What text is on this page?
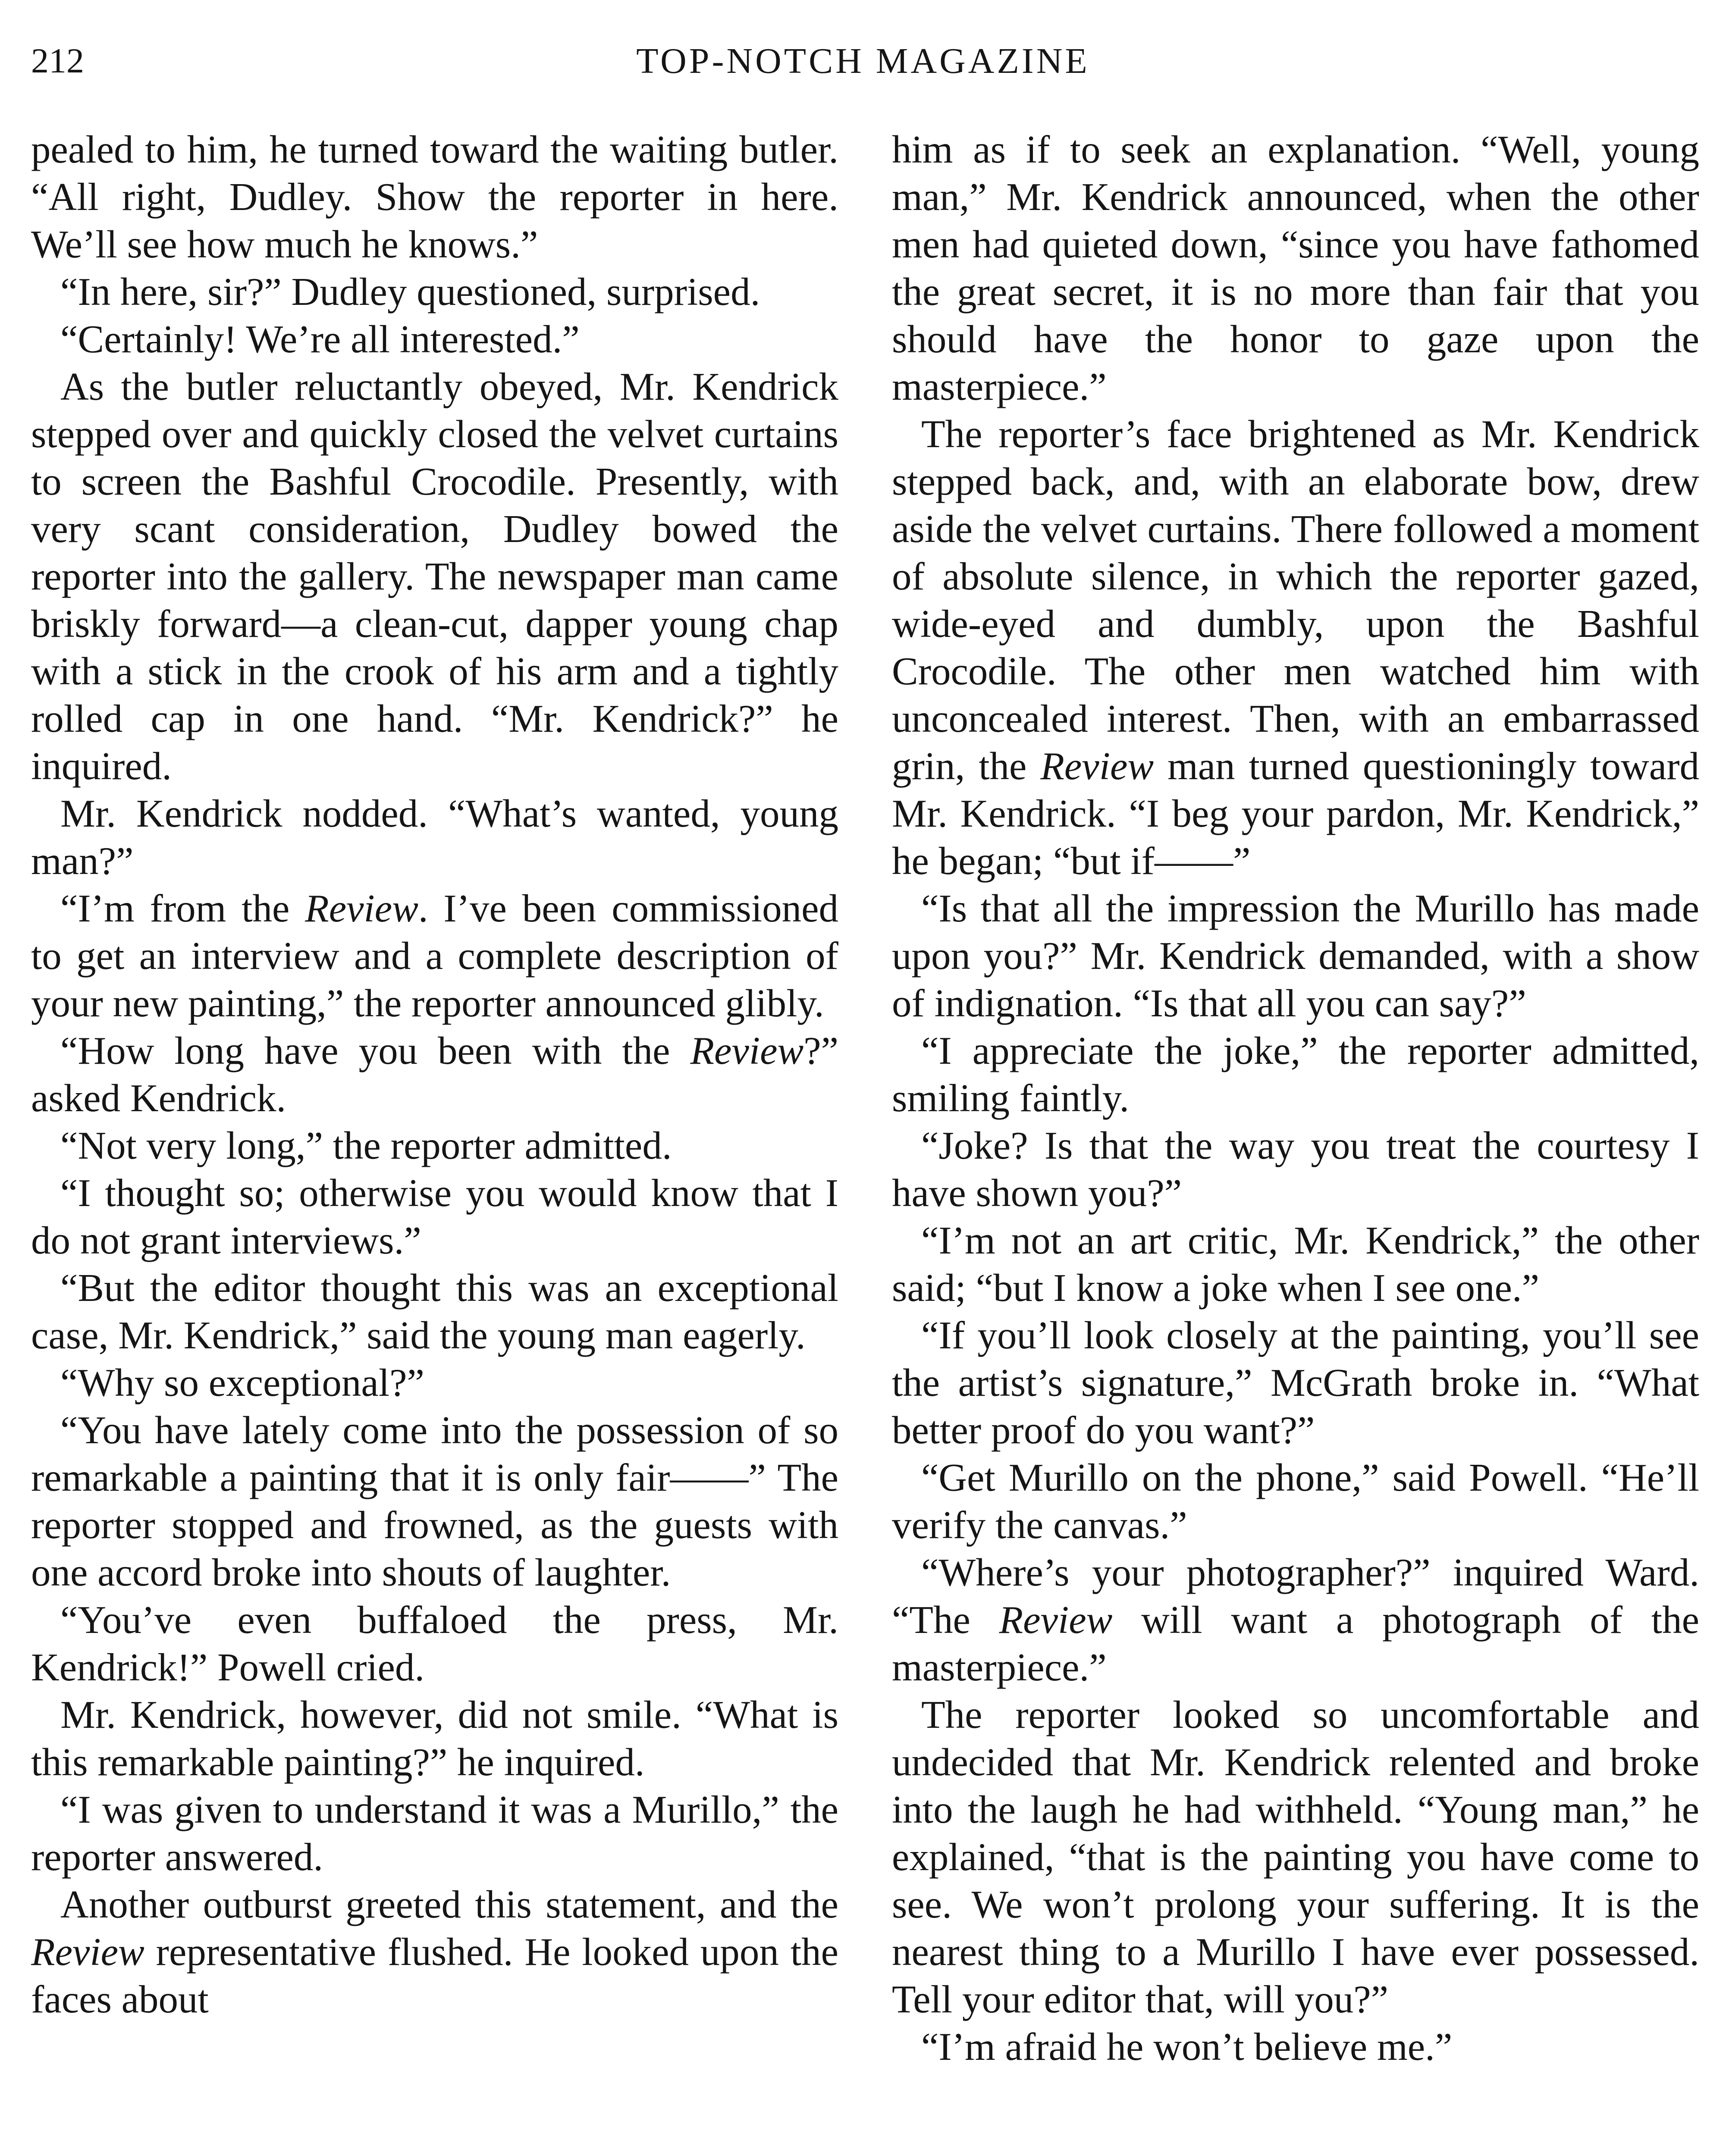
212	TOP-NOTCH MAGAZINE

pealed to him, he turned toward the waiting butler. “All right, Dudley. Show the reporter in here. We’ll see how much he knows.”

“In here, sir?” Dudley questioned, surprised.

“Certainly! We’re all interested.”

As the butler reluctantly obeyed, Mr. Kendrick stepped over and quickly closed the velvet curtains to screen the Bashful Crocodile. Presently, with very scant consideration, Dudley bowed the reporter into the gallery. The newspaper man came briskly forward—a clean-cut, dapper young chap with a stick in the crook of his arm and a tightly rolled cap in one hand. “Mr. Kendrick?” he inquired.

Mr. Kendrick nodded. “What’s wanted, young man?”

“I’m from the Review. I’ve been commissioned to get an interview and a complete description of your new painting,” the reporter announced glibly.

“How long have you been with the Review?” asked Kendrick.

“Not very long,” the reporter admitted.

“I thought so; otherwise you would know that I do not grant interviews.”

“But the editor thought this was an exceptional case, Mr. Kendrick,” said the young man eagerly.

“Why so exceptional?”

“You have lately come into the possession of so remarkable a painting that it is only fair——” The reporter stopped and frowned, as the guests with one accord broke into shouts of laughter.

“You’ve even buffaloed the press, Mr. Kendrick!” Powell cried.

Mr. Kendrick, however, did not smile. “What is this remarkable painting?” he inquired.

“I was given to understand it was a Murillo,” the reporter answered.

Another outburst greeted this statement, and the Review representative flushed. He looked upon the faces about

him as if to seek an explanation. “Well, young man,” Mr. Kendrick announced, when the other men had quieted down, “since you have fathomed the great secret, it is no more than fair that you should have the honor to gaze upon the masterpiece.”

The reporter’s face brightened as Mr. Kendrick stepped back, and, with an elaborate bow, drew aside the velvet curtains. There followed a moment of absolute silence, in which the reporter gazed, wide-eyed and dumbly, upon the Bashful Crocodile. The other men watched him with unconcealed interest. Then, with an embarrassed grin, the Review man turned questioningly toward Mr. Kendrick. “I beg your pardon, Mr. Kendrick,” he began; “but if——”

“Is that all the impression the Murillo has made upon you?” Mr. Kendrick demanded, with a show of indignation. “Is that all you can say?”

“I appreciate the joke,” the reporter admitted, smiling faintly.

“Joke? Is that the way you treat the courtesy I have shown you?”

“I’m not an art critic, Mr. Kendrick,” the other said; “but I know a joke when I see one.”

“If you’ll look closely at the painting, you’ll see the artist’s signature,” McGrath broke in. “What better proof do you want?”

“Get Murillo on the phone,” said Powell. “He’ll verify the canvas.”

“Where’s your photographer?” inquired Ward. “The Review will want a photograph of the masterpiece.”

The reporter looked so uncomfortable and undecided that Mr. Kendrick relented and broke into the laugh he had withheld. “Young man,” he explained, “that is the painting you have come to see. We won’t prolong your suffering. It is the nearest thing to a Murillo I have ever possessed. Tell your editor that, will you?”

“I’m afraid he won’t believe me.”
